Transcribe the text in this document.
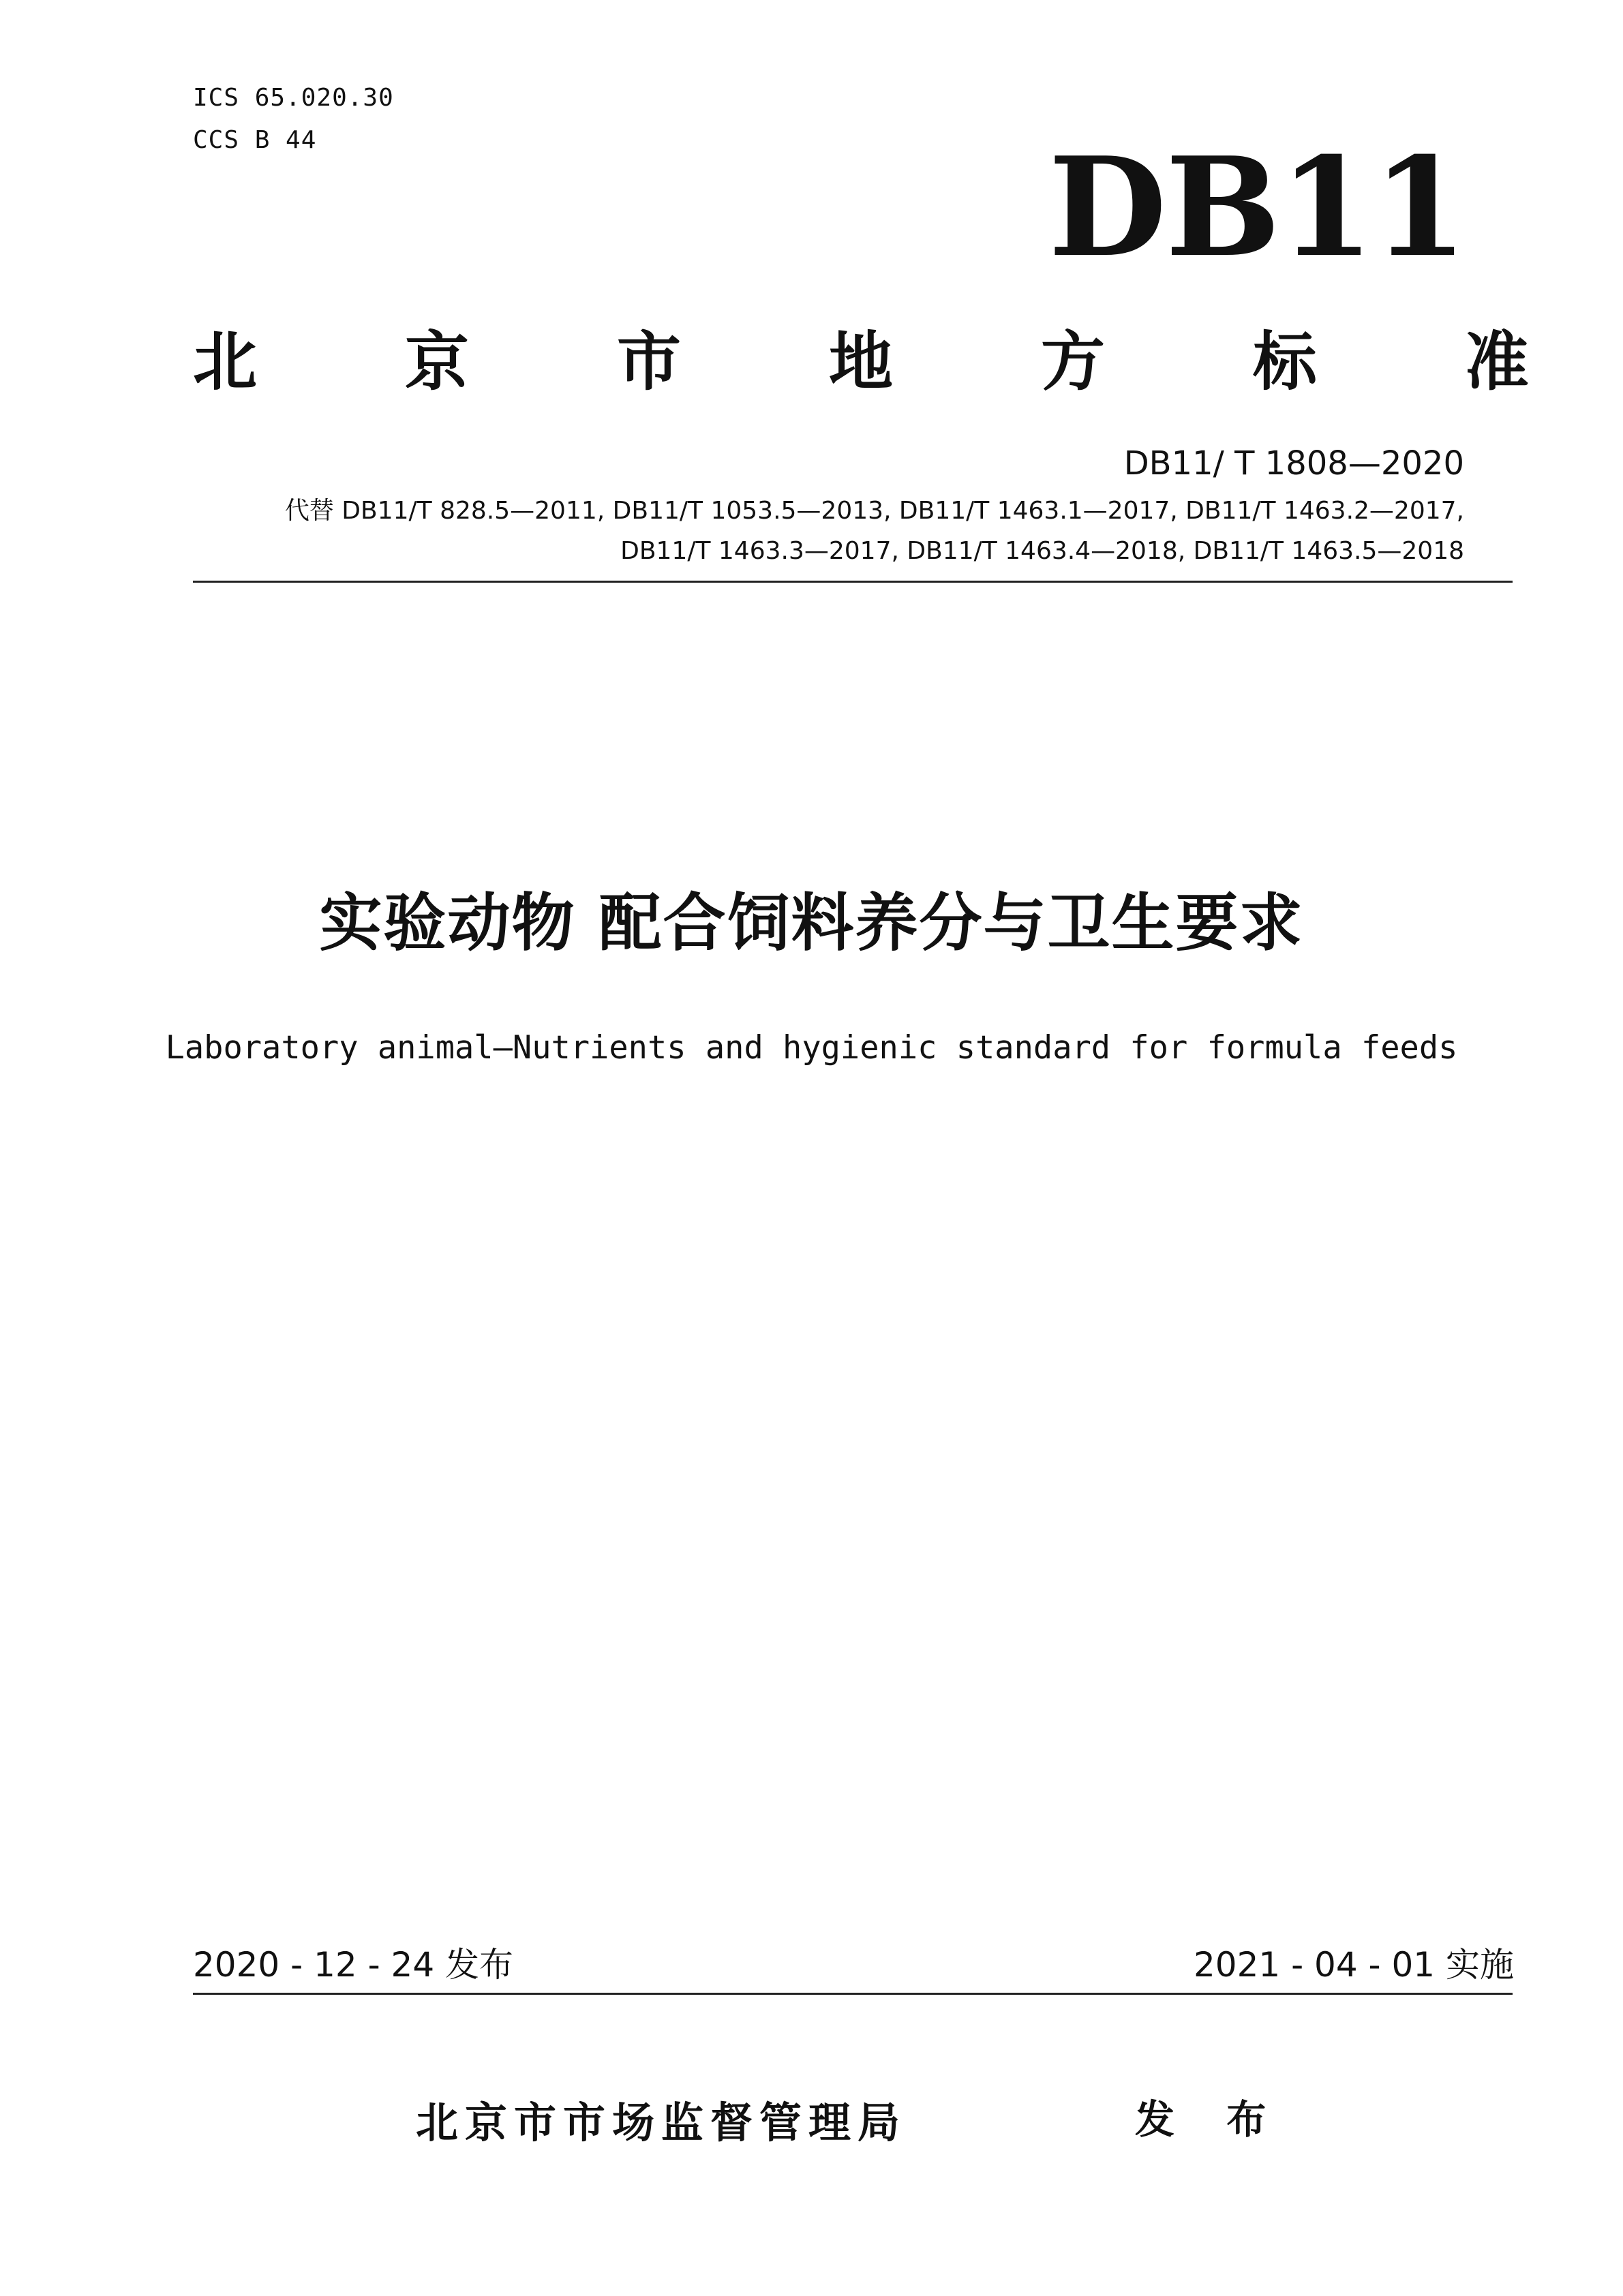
ICS 65.020.30
CCS B 44	DB11
北 京 市 地 方 标 准
DB11/ T 1808—2020
代替 DB11/T 828.5—2011, DB11/T 1053.5—2013, DB11/T 1463.1—2017, DB11/T 1463.2—2017,
DB11/T 1463.3—2017, DB11/T 1463.4—2018, DB11/T 1463.5—2018
实验动物 配合饲料养分与卫生要求
Laboratory animal—Nutrients and hygienic standard for formula feeds
2020 - 12 - 24 发布	2021 - 04 - 01 实施
北京市市场监督管理局	发 布
